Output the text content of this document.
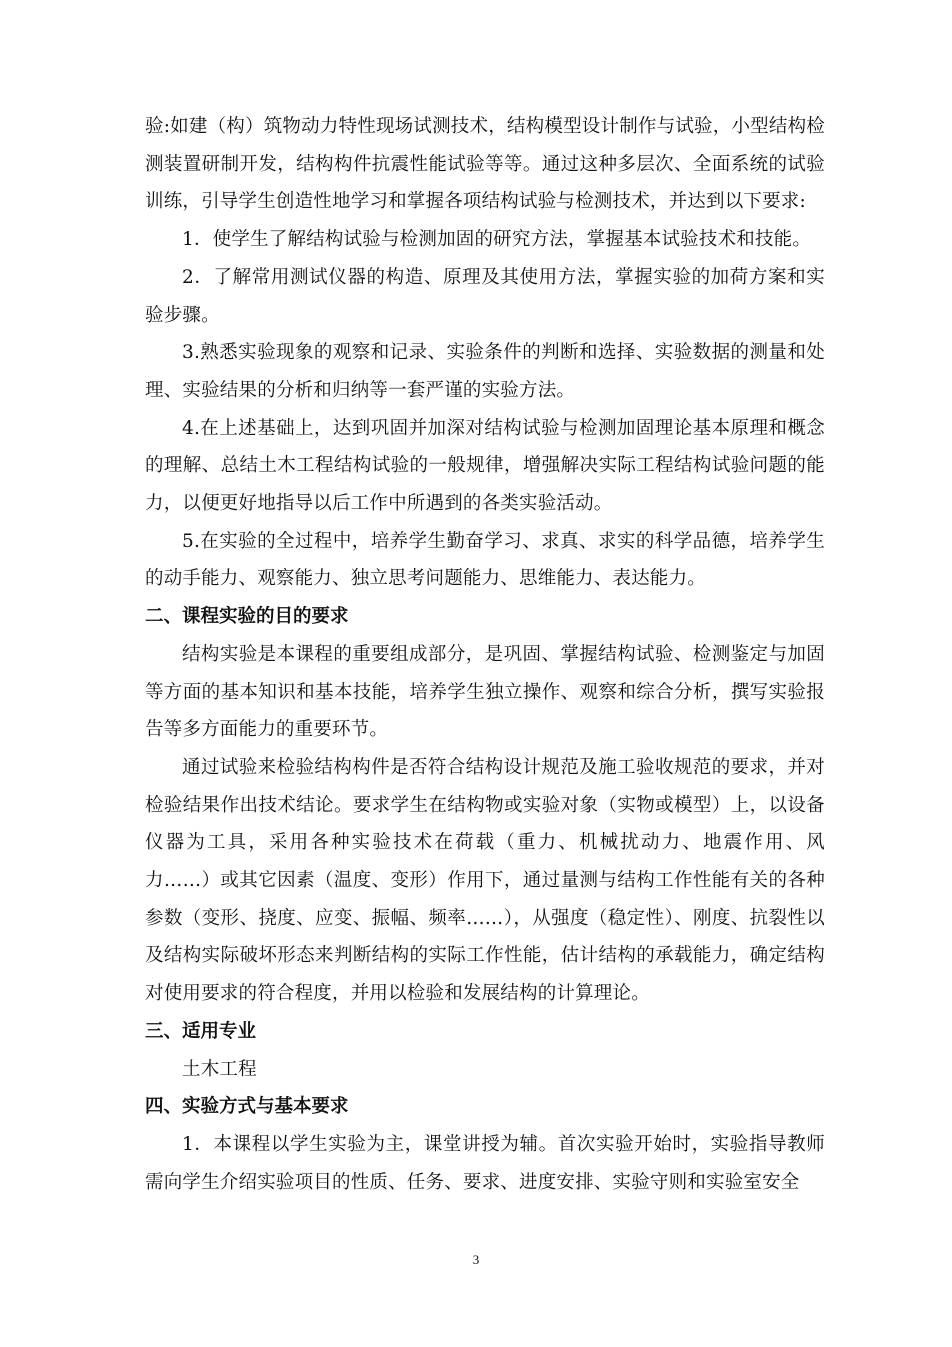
验:如建（构）筑物动力特性现场试测技术，结构模型设计制作与试验，小型结构检测装置研制开发，结构构件抗震性能试验等等。通过这种多层次、全面系统的试验训练，引导学生创造性地学习和掌握各项结构试验与检测技术，并达到以下要求:

1．使学生了解结构试验与检测加固的研究方法，掌握基本试验技术和技能。

2．了解常用测试仪器的构造、原理及其使用方法，掌握实验的加荷方案和实验步骤。

3.熟悉实验现象的观察和记录、实验条件的判断和选择、实验数据的测量和处理、实验结果的分析和归纳等一套严谨的实验方法。

4.在上述基础上，达到巩固并加深对结构试验与检测加固理论基本原理和概念的理解、总结土木工程结构试验的一般规律，增强解决实际工程结构试验问题的能力，以便更好地指导以后工作中所遇到的各类实验活动。

5.在实验的全过程中，培养学生勤奋学习、求真、求实的科学品德，培养学生的动手能力、观察能力、独立思考问题能力、思维能力、表达能力。

二、课程实验的目的要求

结构实验是本课程的重要组成部分，是巩固、掌握结构试验、检测鉴定与加固等方面的基本知识和基本技能，培养学生独立操作、观察和综合分析，撰写实验报告等多方面能力的重要环节。

通过试验来检验结构构件是否符合结构设计规范及施工验收规范的要求，并对检验结果作出技术结论。要求学生在结构物或实验对象（实物或模型）上，以设备仪器为工具，采用各种实验技术在荷载（重力、机械扰动力、地震作用、风力……）或其它因素（温度、变形）作用下，通过量测与结构工作性能有关的各种参数（变形、挠度、应变、振幅、频率……），从强度（稳定性）、刚度、抗裂性以及结构实际破坏形态来判断结构的实际工作性能，估计结构的承载能力，确定结构对使用要求的符合程度，并用以检验和发展结构的计算理论。

三、适用专业

土木工程

四、实验方式与基本要求

1．本课程以学生实验为主，课堂讲授为辅。首次实验开始时，实验指导教师需向学生介绍实验项目的性质、任务、要求、进度安排、实验守则和实验室安全

3
